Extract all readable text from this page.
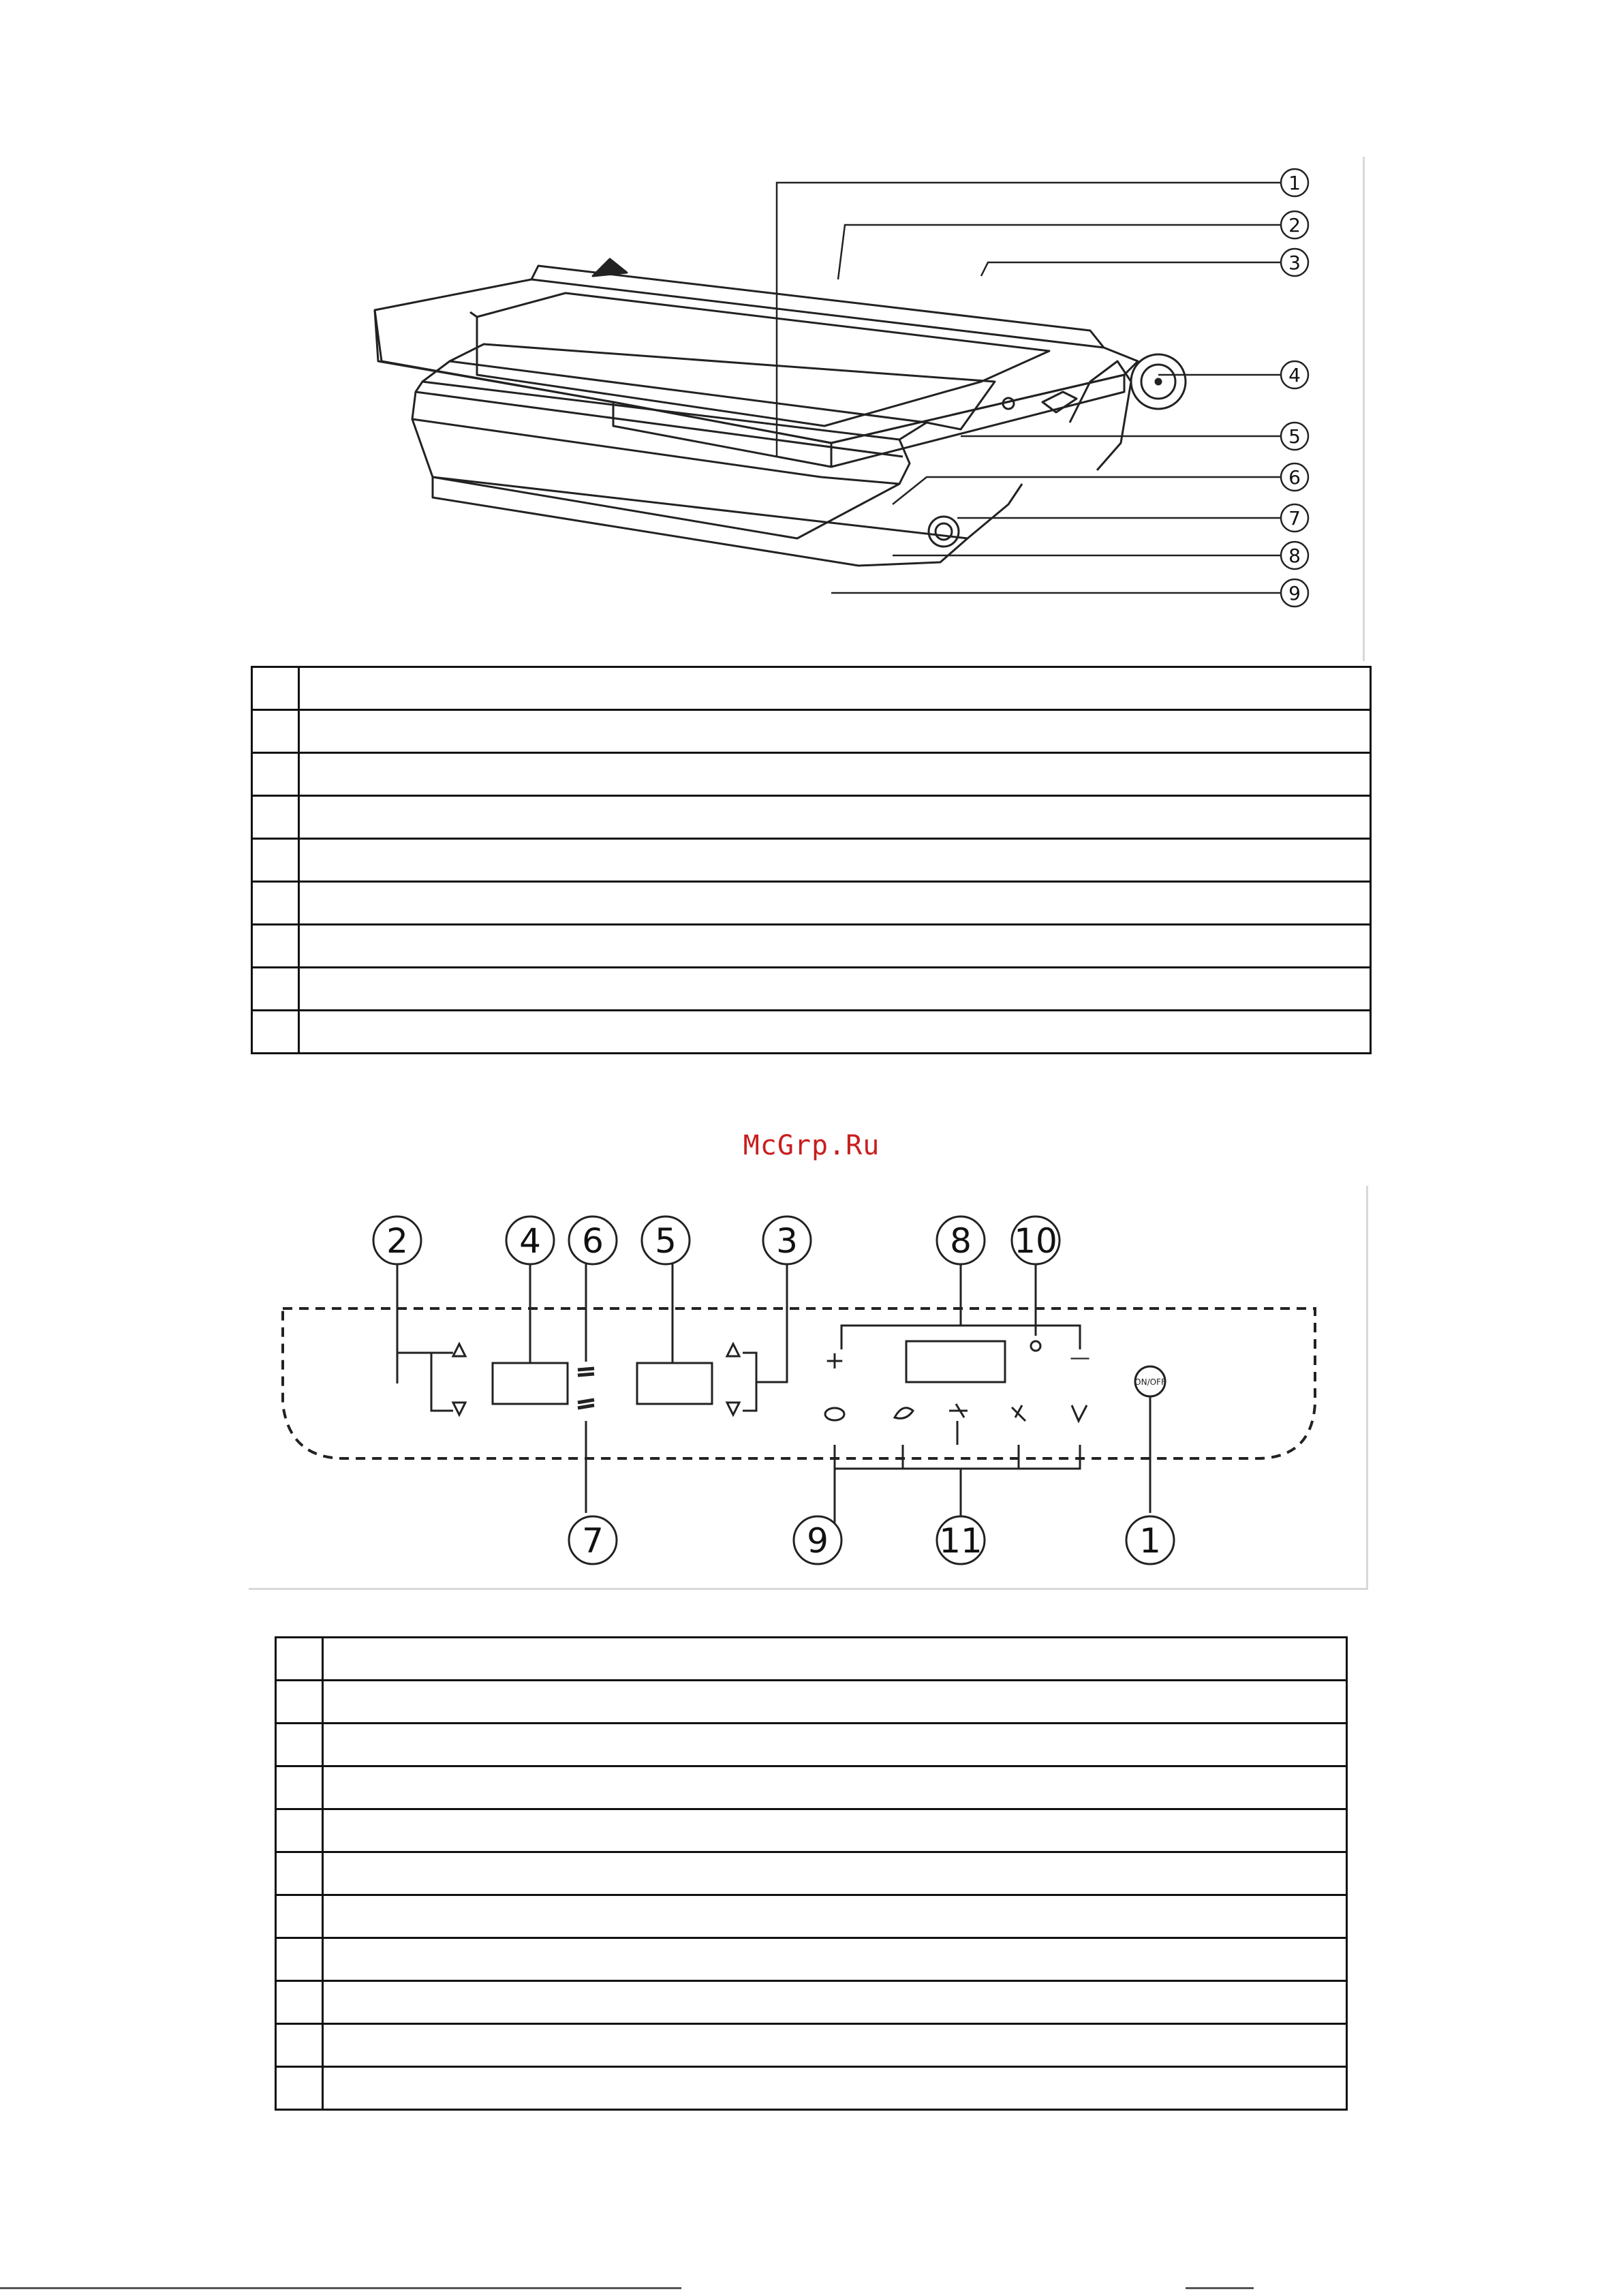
1
2
3
4
5
6
7
8
9

McGrp.Ru
+	—
ON/OFF
2	4 6 5	3	8 10
7	9	11	1
